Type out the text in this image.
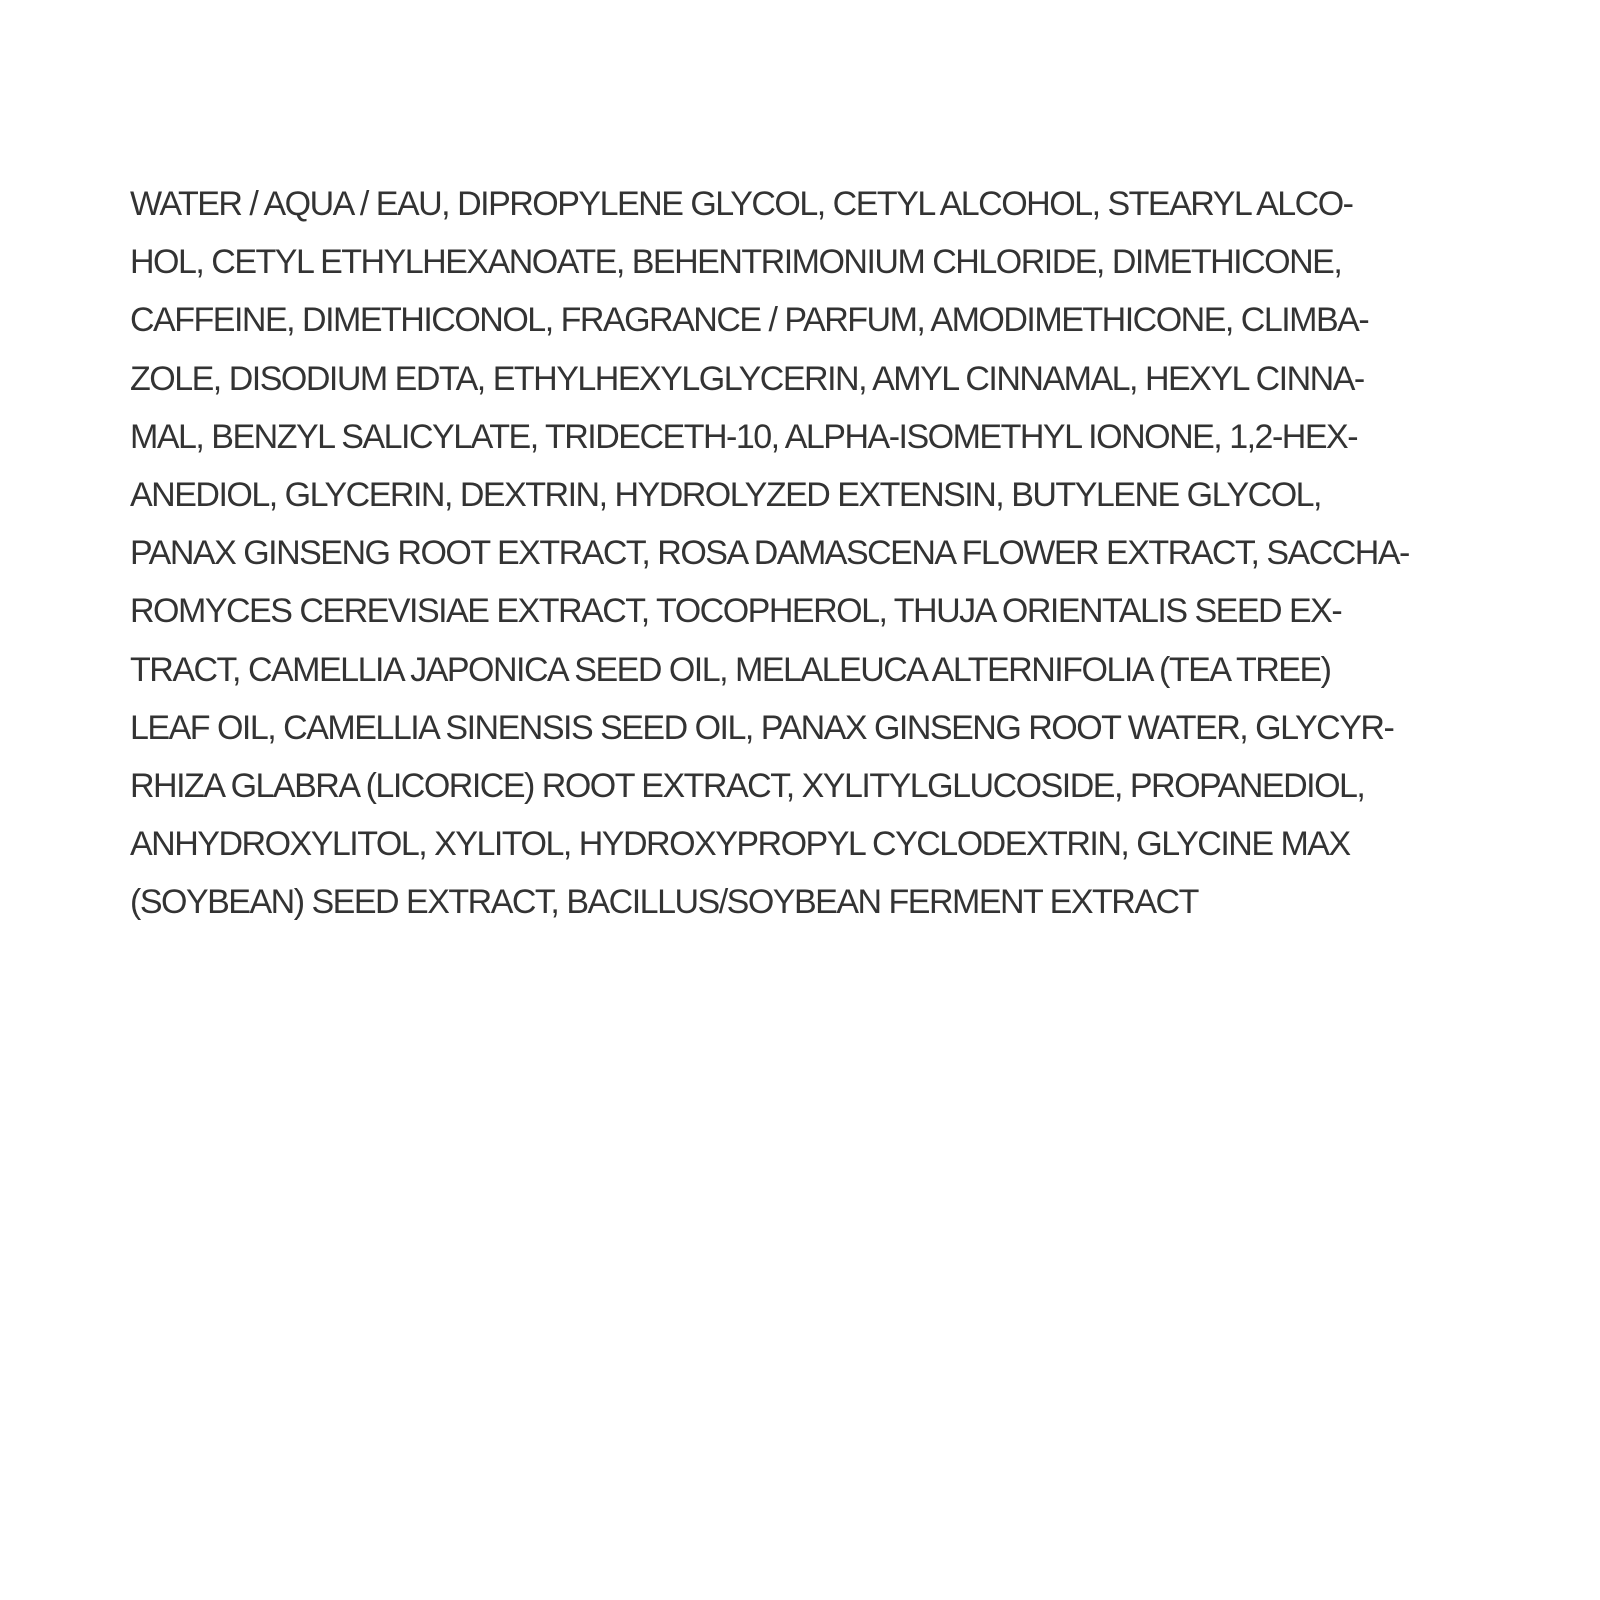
WATER / AQUA / EAU, DIPROPYLENE GLYCOL, CETYL ALCOHOL, STEARYL ALCO-
HOL, CETYL ETHYLHEXANOATE, BEHENTRIMONIUM CHLORIDE, DIMETHICONE,
CAFFEINE, DIMETHICONOL, FRAGRANCE / PARFUM, AMODIMETHICONE, CLIMBA-
ZOLE, DISODIUM EDTA, ETHYLHEXYLGLYCERIN, AMYL CINNAMAL, HEXYL CINNA-
MAL, BENZYL SALICYLATE, TRIDECETH-10, ALPHA-ISOMETHYL IONONE, 1,2-HEX-
ANEDIOL, GLYCERIN, DEXTRIN, HYDROLYZED EXTENSIN, BUTYLENE GLYCOL,
PANAX GINSENG ROOT EXTRACT, ROSA DAMASCENA FLOWER EXTRACT, SACCHA-
ROMYCES CEREVISIAE EXTRACT, TOCOPHEROL, THUJA ORIENTALIS SEED EX-
TRACT, CAMELLIA JAPONICA SEED OIL, MELALEUCA ALTERNIFOLIA (TEA TREE)
LEAF OIL, CAMELLIA SINENSIS SEED OIL, PANAX GINSENG ROOT WATER, GLYCYR-
RHIZA GLABRA (LICORICE) ROOT EXTRACT, XYLITYLGLUCOSIDE, PROPANEDIOL,
ANHYDROXYLITOL, XYLITOL, HYDROXYPROPYL CYCLODEXTRIN, GLYCINE MAX
(SOYBEAN) SEED EXTRACT, BACILLUS/SOYBEAN FERMENT EXTRACT
